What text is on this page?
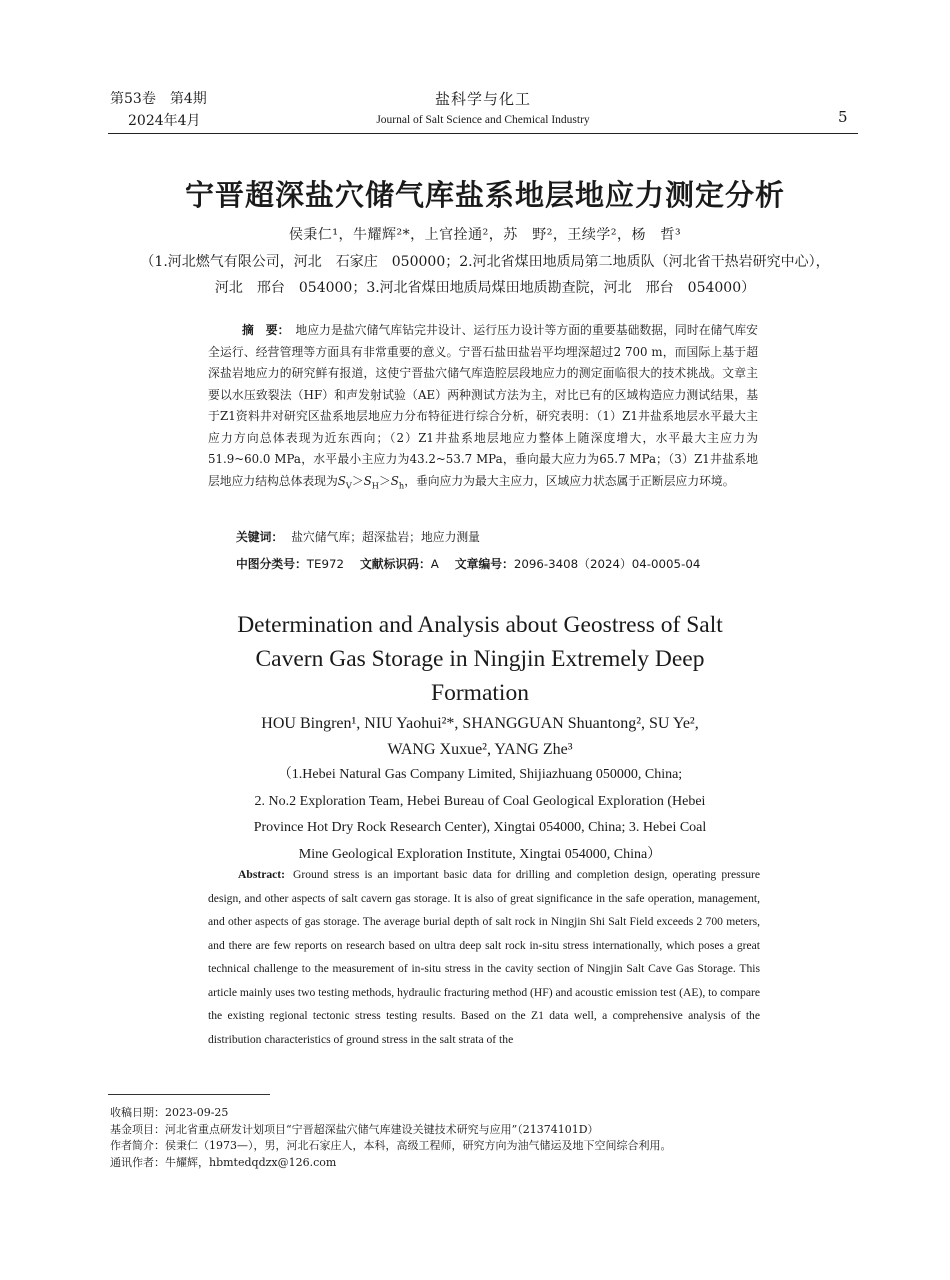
第53卷　第4期
2024年4月
盐科学与化工
Journal of Salt Science and Chemical Industry	5
宁晋超深盐穴储气库盐系地层地应力测定分析
侯秉仁¹，牛耀辉²*，上官拴通²，苏　野²，王续学²，杨　哲³
（1.河北燃气有限公司，河北　石家庄　050000；2.河北省煤田地质局第二地质队（河北省干热岩研究中心），
河北　邢台　054000；3.河北省煤田地质局煤田地质勘查院，河北　邢台　054000）
摘　要： 地应力是盐穴储气库钻完井设计、运行压力设计等方面的重要基础数据，同时在储气库安全运行、经营管理等方面具有非常重要的意义。宁晋石盐田盐岩平均埋深超过2 700 m，而国际上基于超深盐岩地应力的研究鲜有报道，这使宁晋盐穴储气库造腔层段地应力的测定面临很大的技术挑战。文章主要以水压致裂法（HF）和声发射试验（AE）两种测试方法为主，对比已有的区域构造应力测试结果，基于Z1资料井对研究区盐系地层地应力分布特征进行综合分析，研究表明：（1）Z1井盐系地层水平最大主应力方向总体表现为近东西向；（2）Z1井盐系地层地应力整体上随深度增大，水平最大主应力为51.9~60.0 MPa，水平最小主应力为43.2~53.7 MPa，垂向最大应力为65.7 MPa；（3）Z1井盐系地层地应力结构总体表现为$S_V>S_H>S_h$，垂向应力为最大主应力，区域应力状态属于正断层应力环境。
关键词： 盐穴储气库；超深盐岩；地应力测量
中图分类号：TE972 文献标识码：A 文章编号：2096-3408（2024）04-0005-04
Determination and Analysis about Geostress of Salt
Cavern Gas Storage in Ningjin Extremely Deep
Formation
HOU Bingren¹, NIU Yaohui²*, SHANGGUAN Shuantong², SU Ye²,
WANG Xuxue², YANG Zhe³
（1.Hebei Natural Gas Company Limited, Shijiazhuang 050000, China;
2. No.2 Exploration Team, Hebei Bureau of Coal Geological Exploration (Hebei
Province Hot Dry Rock Research Center), Xingtai 054000, China; 3. Hebei Coal
Mine Geological Exploration Institute, Xingtai 054000, China）
Abstract: Ground stress is an important basic data for drilling and completion design, operating pressure design, and other aspects of salt cavern gas storage. It is also of great significance in the safe operation, management, and other aspects of gas storage. The average burial depth of salt rock in Ningjin Shi Salt Field exceeds 2 700 meters, and there are few reports on research based on ultra deep salt rock in-situ stress internationally, which poses a great technical challenge to the measurement of in-situ stress in the cavity section of Ningjin Salt Cave Gas Storage. This article mainly uses two testing methods, hydraulic fracturing method (HF) and acoustic emission test (AE), to compare the existing regional tectonic stress testing results. Based on the Z1 data well, a comprehensive analysis of the distribution characteristics of ground stress in the salt strata of the
收稿日期：2023-09-25
基金项目：河北省重点研发计划项目“宁晋超深盐穴储气库建设关键技术研究与应用”（21374101D）
作者简介：侯秉仁（1973—），男，河北石家庄人，本科，高级工程师，研究方向为油气储运及地下空间综合利用。
通讯作者：牛耀辉，hbmtedqdzx@126.com
